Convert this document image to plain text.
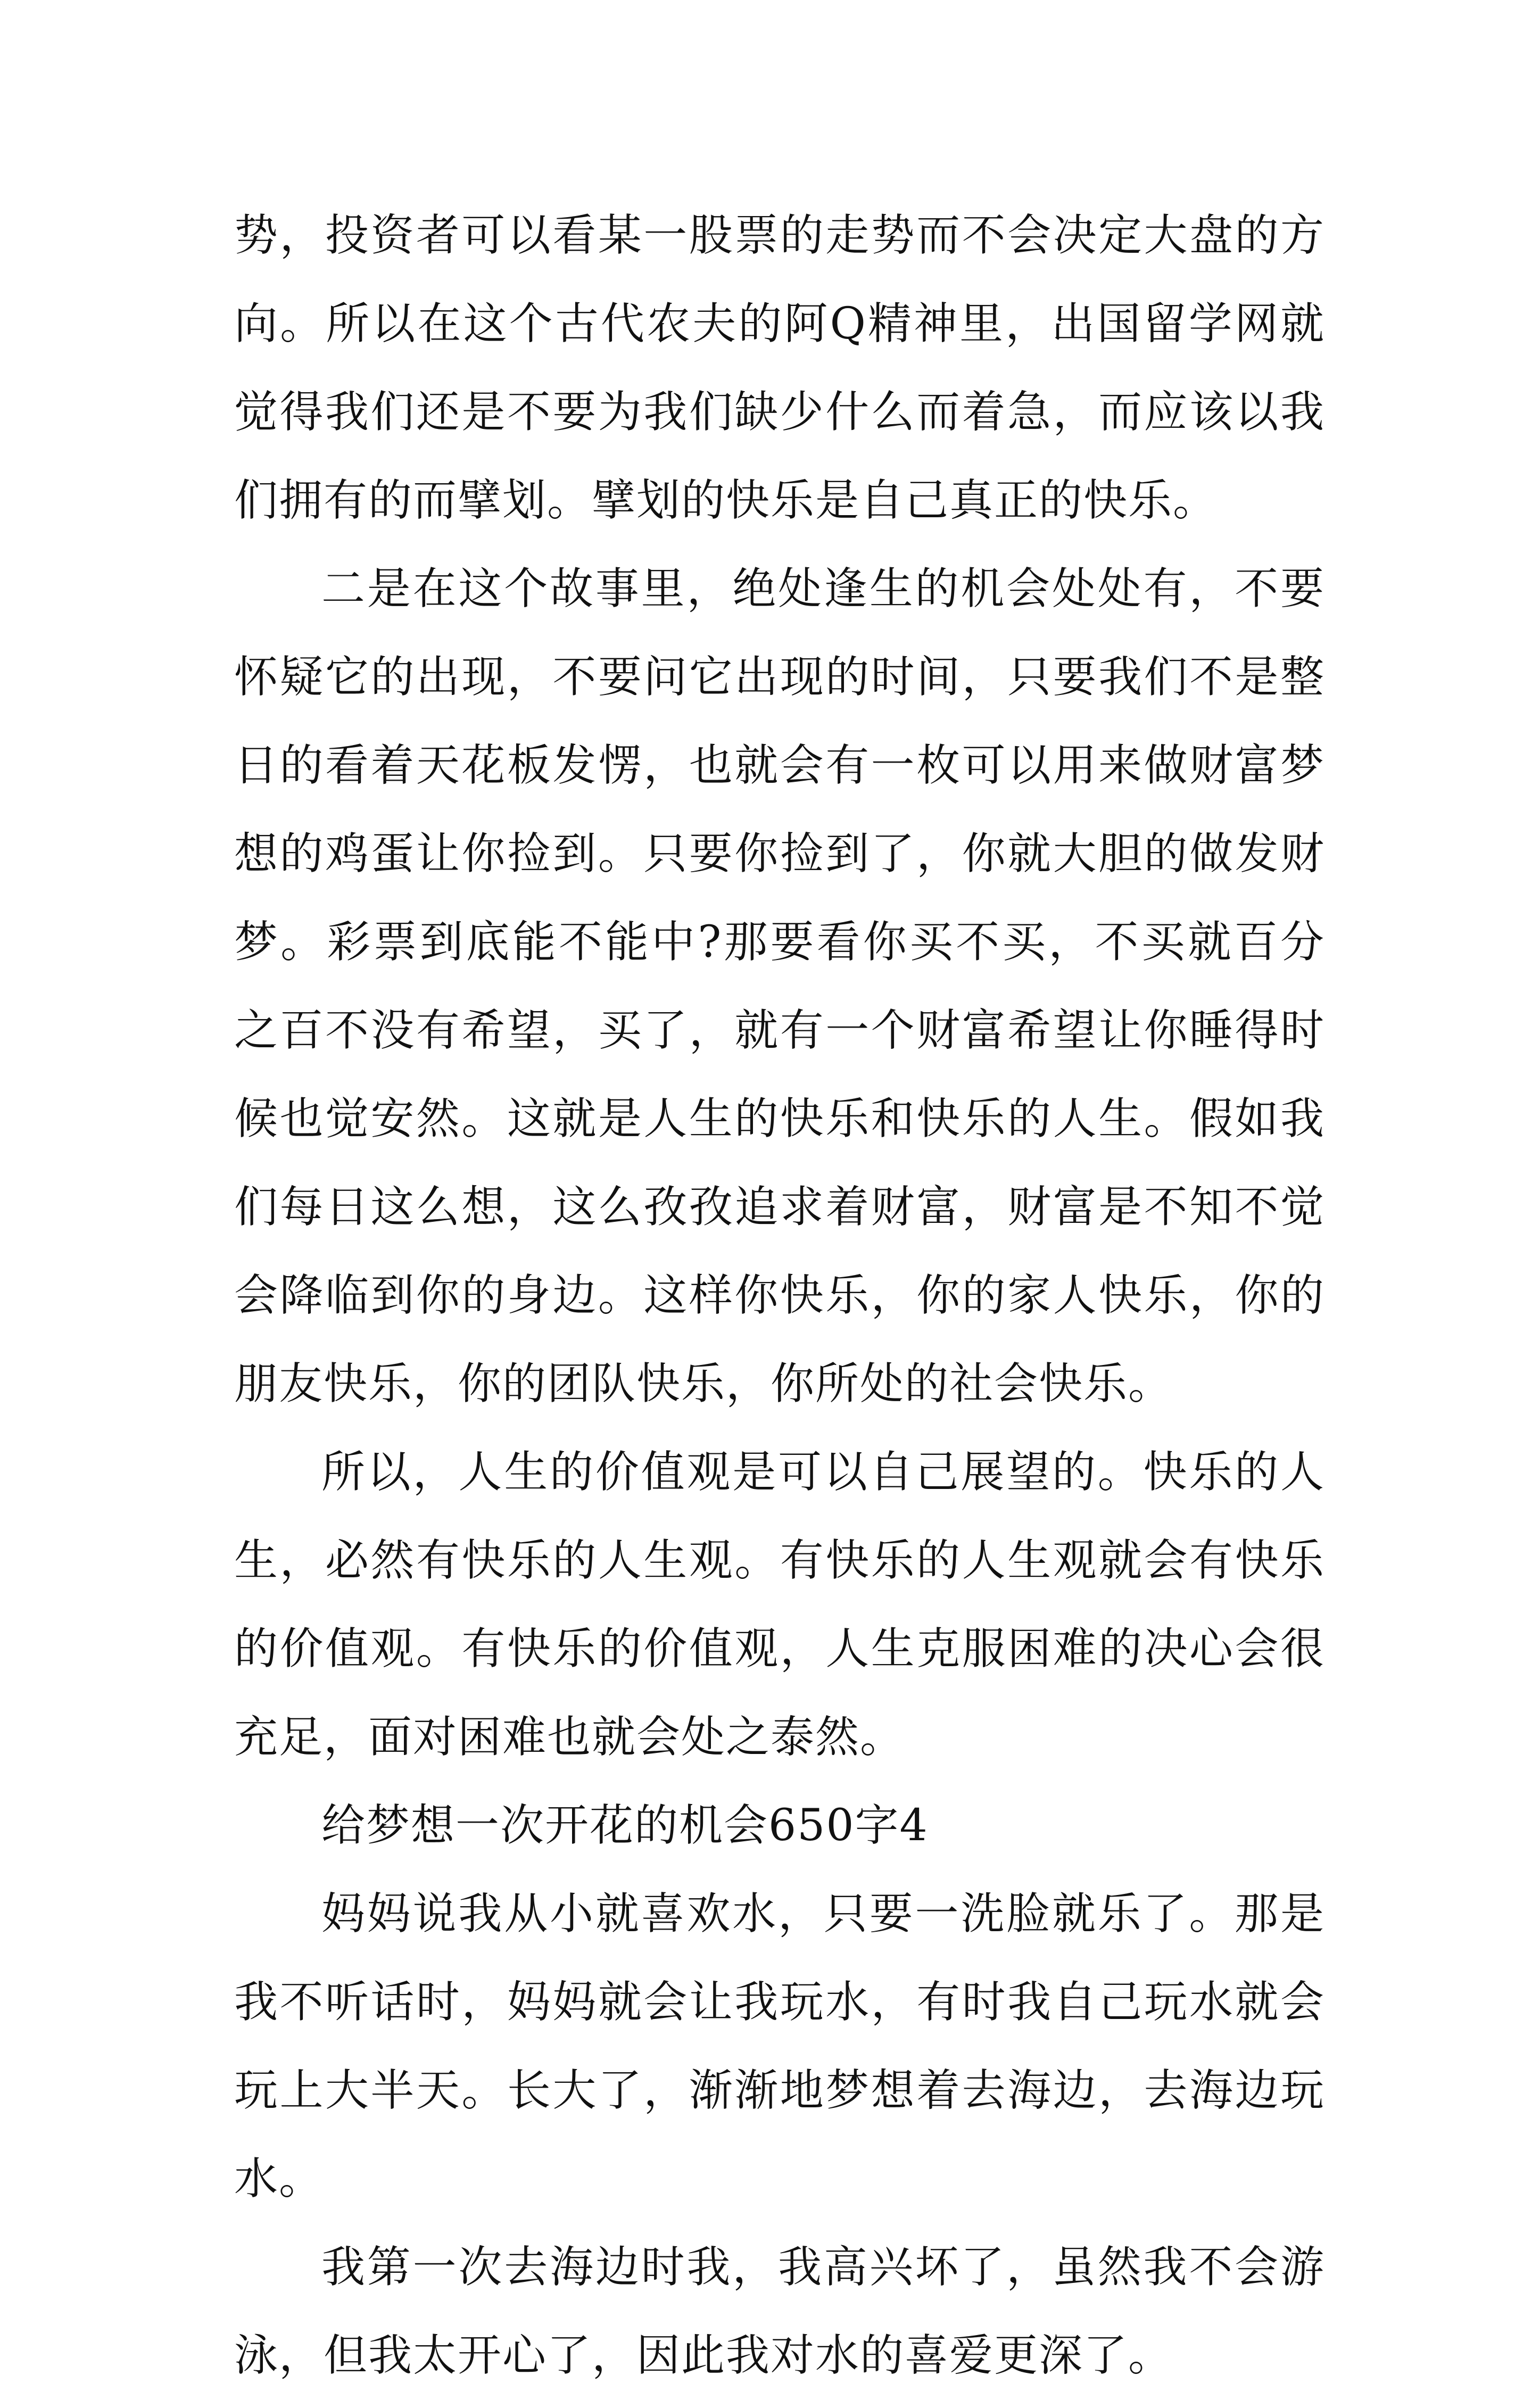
势，投资者可以看某一股票的走势而不会决定大盘的方向。所以在这个古代农夫的阿Q精神里，出国留学网就觉得我们还是不要为我们缺少什么而着急，而应该以我们拥有的而擘划。擘划的快乐是自己真正的快乐。

二是在这个故事里，绝处逢生的机会处处有，不要怀疑它的出现，不要问它出现的时间，只要我们不是整日的看着天花板发愣，也就会有一枚可以用来做财富梦想的鸡蛋让你捡到。只要你捡到了，你就大胆的做发财梦。彩票到底能不能中?那要看你买不买，不买就百分之百不没有希望，买了，就有一个财富希望让你睡得时候也觉安然。这就是人生的快乐和快乐的人生。假如我们每日这么想，这么孜孜追求着财富，财富是不知不觉会降临到你的身边。这样你快乐，你的家人快乐，你的朋友快乐，你的团队快乐，你所处的社会快乐。

所以，人生的价值观是可以自己展望的。快乐的人生，必然有快乐的人生观。有快乐的人生观就会有快乐的价值观。有快乐的价值观，人生克服困难的决心会很充足，面对困难也就会处之泰然。

给梦想一次开花的机会650字4

妈妈说我从小就喜欢水，只要一洗脸就乐了。那是我不听话时，妈妈就会让我玩水，有时我自己玩水就会玩上大半天。长大了，渐渐地梦想着去海边，去海边玩水。

我第一次去海边时我，我高兴坏了，虽然我不会游泳，但我太开心了，因此我对水的喜爱更深了。
